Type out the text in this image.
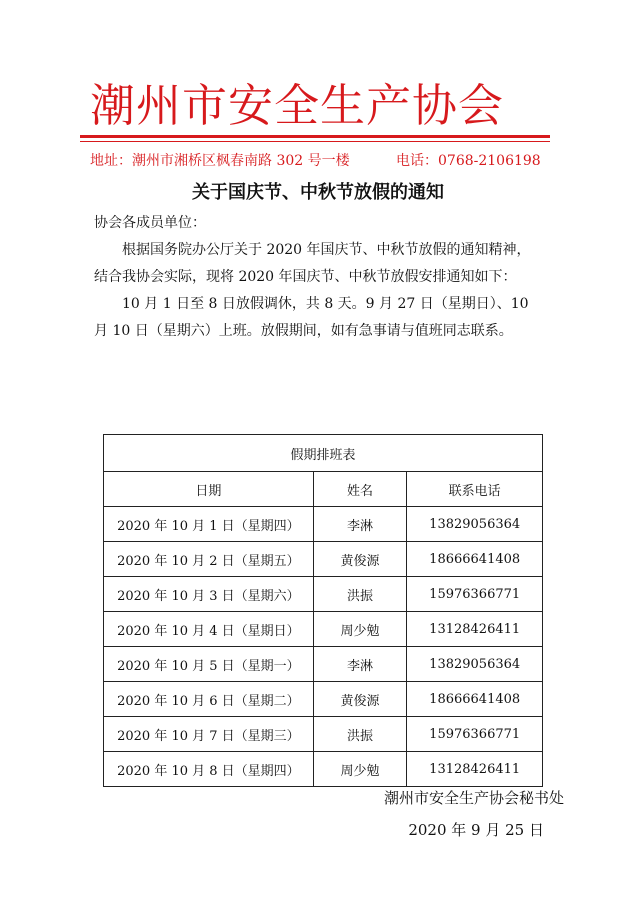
潮州市安全生产协会
地址：潮州市湘桥区枫春南路 302 号一楼	电话：0768-2106198
关于国庆节、中秋节放假的通知

协会各成员单位：

根据国务院办公厅关于 2020 年国庆节、中秋节放假的通知精神，结合我协会实际，现将 2020 年国庆节、中秋节放假安排通知如下：

10 月 1 日至 8 日放假调休，共 8 天。9 月 27 日（星期日）、10 月 10 日（星期六）上班。放假期间，如有急事请与值班同志联系。

假期排班表		
日期	姓名	联系电话
2020 年 10 月 1 日（星期四）	李淋	13829056364
2020 年 10 月 2 日（星期五）	黄俊源	18666641408
2020 年 10 月 3 日（星期六）	洪振	15976366771
2020 年 10 月 4 日（星期日）	周少勉	13128426411
2020 年 10 月 5 日（星期一）	李淋	13829056364
2020 年 10 月 6 日（星期二）	黄俊源	18666641408
2020 年 10 月 7 日（星期三）	洪振	15976366771
2020 年 10 月 8 日（星期四）	周少勉	13128426411
潮州市安全生产协会秘书处
2020 年 9 月 25 日
